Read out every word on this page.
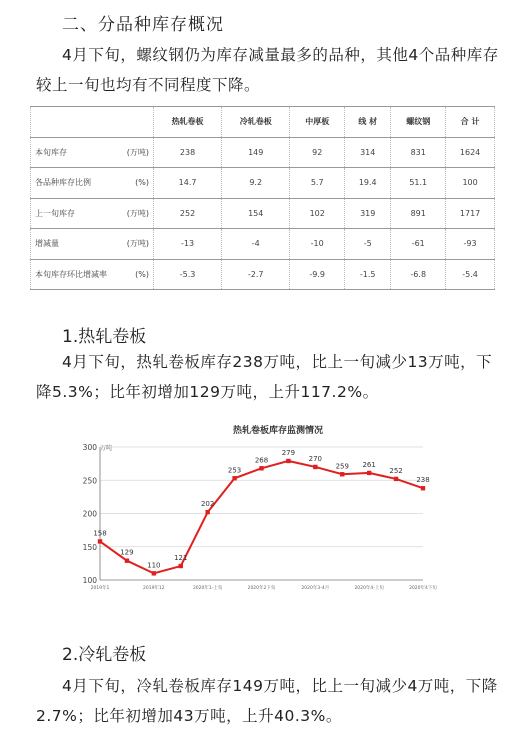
二、分品种库存概况
4月下旬，螺纹钢仍为库存减量最多的品种，其他4个品种库存较上一旬也均有不同程度下降。
		热轧卷板	冷轧卷板	中厚板	线 材	螺纹钢	合 计
本旬库存	(万吨)	238	149	92	314	831	1624
各品种库存比例	(%)	14.7	9.2	5.7	19.4	51.1	100
上一旬库存	(万吨)	252	154	102	319	891	1717
增减量	(万吨)	-13	-4	-10	-5	-61	-93
本旬库存环比增减率	(%)	-5.3	-2.7	-9.9	-1.5	-6.8	-5.4
1.热轧卷板
4月下旬，热轧卷板库存238万吨，比上一旬减少13万吨，下降5.3%；比年初增加129万吨，上升117.2%。
热轧卷板库存监测情况
万吨
100
150
200
250
300
2019年1	2019年12	2020年1-上旬	2020年2下旬	2020年3-4月	2020年4-上旬	2020年4下旬
158
129
110
121
202
253
268
279
270
259 261
252
238
2.冷轧卷板
4月下旬，冷轧卷板库存149万吨，比上一旬减少4万吨，下降2.7%；比年初增加43万吨，上升40.3%。
